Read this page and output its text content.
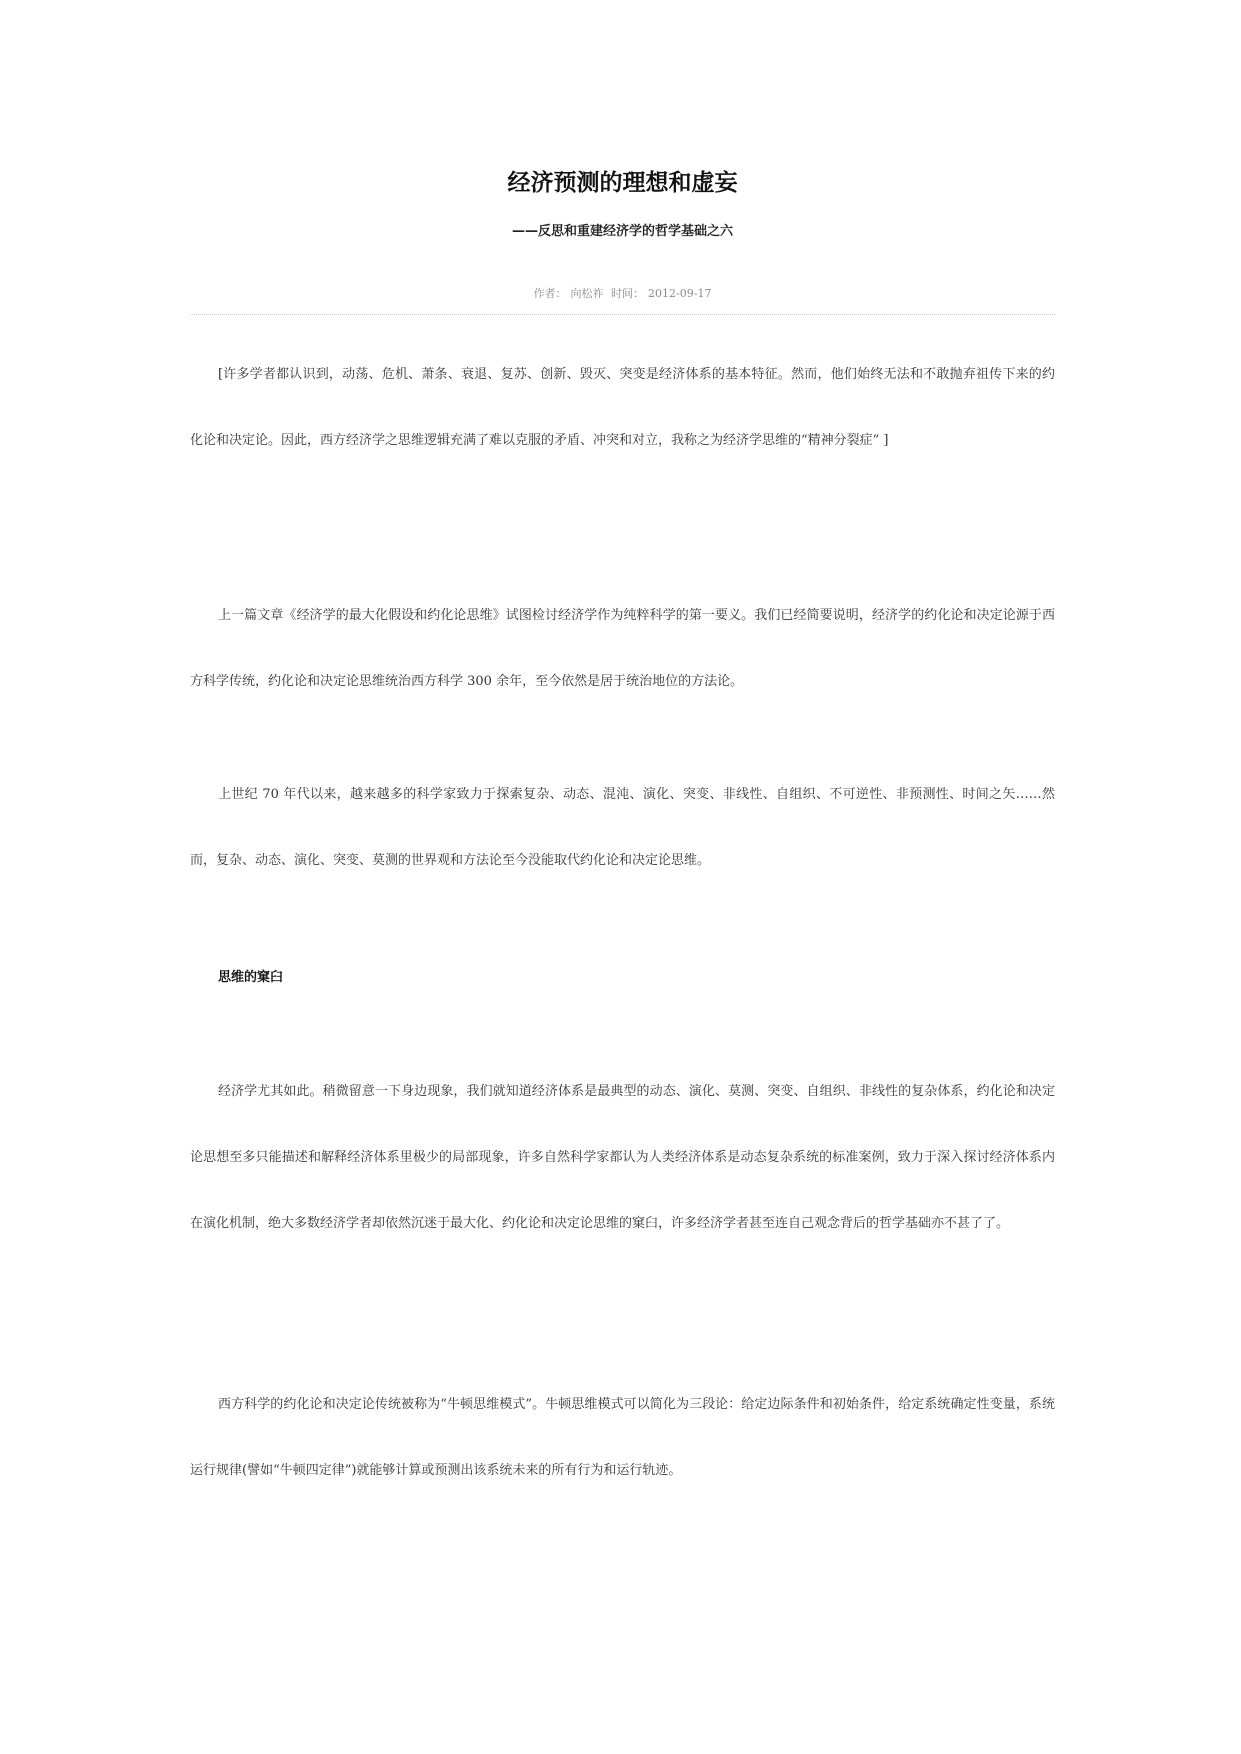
经济预测的理想和虚妄
——反思和重建经济学的哲学基础之六
作者： 向松祚 时间： 2012-09-17

[许多学者都认识到，动荡、危机、萧条、衰退、复苏、创新、毁灭、突变是经济体系的基本特征。然而，他们始终无法和不敢抛弃祖传下来的约化论和决定论。因此，西方经济学之思维逻辑充满了难以克服的矛盾、冲突和对立，我称之为经济学思维的“精神分裂症” ]

上一篇文章《经济学的最大化假设和约化论思维》试图检讨经济学作为纯粹科学的第一要义。我们已经简要说明，经济学的约化论和决定论源于西方科学传统，约化论和决定论思维统治西方科学 300 余年，至今依然是居于统治地位的方法论。

上世纪 70 年代以来，越来越多的科学家致力于探索复杂、动态、混沌、演化、突变、非线性、自组织、不可逆性、非预测性、时间之矢……然而，复杂、动态、演化、突变、莫测的世界观和方法论至今没能取代约化论和决定论思维。

思维的窠臼

经济学尤其如此。稍微留意一下身边现象，我们就知道经济体系是最典型的动态、演化、莫测、突变、自组织、非线性的复杂体系，约化论和决定论思想至多只能描述和解释经济体系里极少的局部现象，许多自然科学家都认为人类经济体系是动态复杂系统的标准案例，致力于深入探讨经济体系内在演化机制，绝大多数经济学者却依然沉迷于最大化、约化论和决定论思维的窠臼，许多经济学者甚至连自己观念背后的哲学基础亦不甚了了。

西方科学的约化论和决定论传统被称为“牛顿思维模式”。牛顿思维模式可以简化为三段论：给定边际条件和初始条件，给定系统确定性变量，系统运行规律(譬如“牛顿四定律”)就能够计算或预测出该系统未来的所有行为和运行轨迹。
